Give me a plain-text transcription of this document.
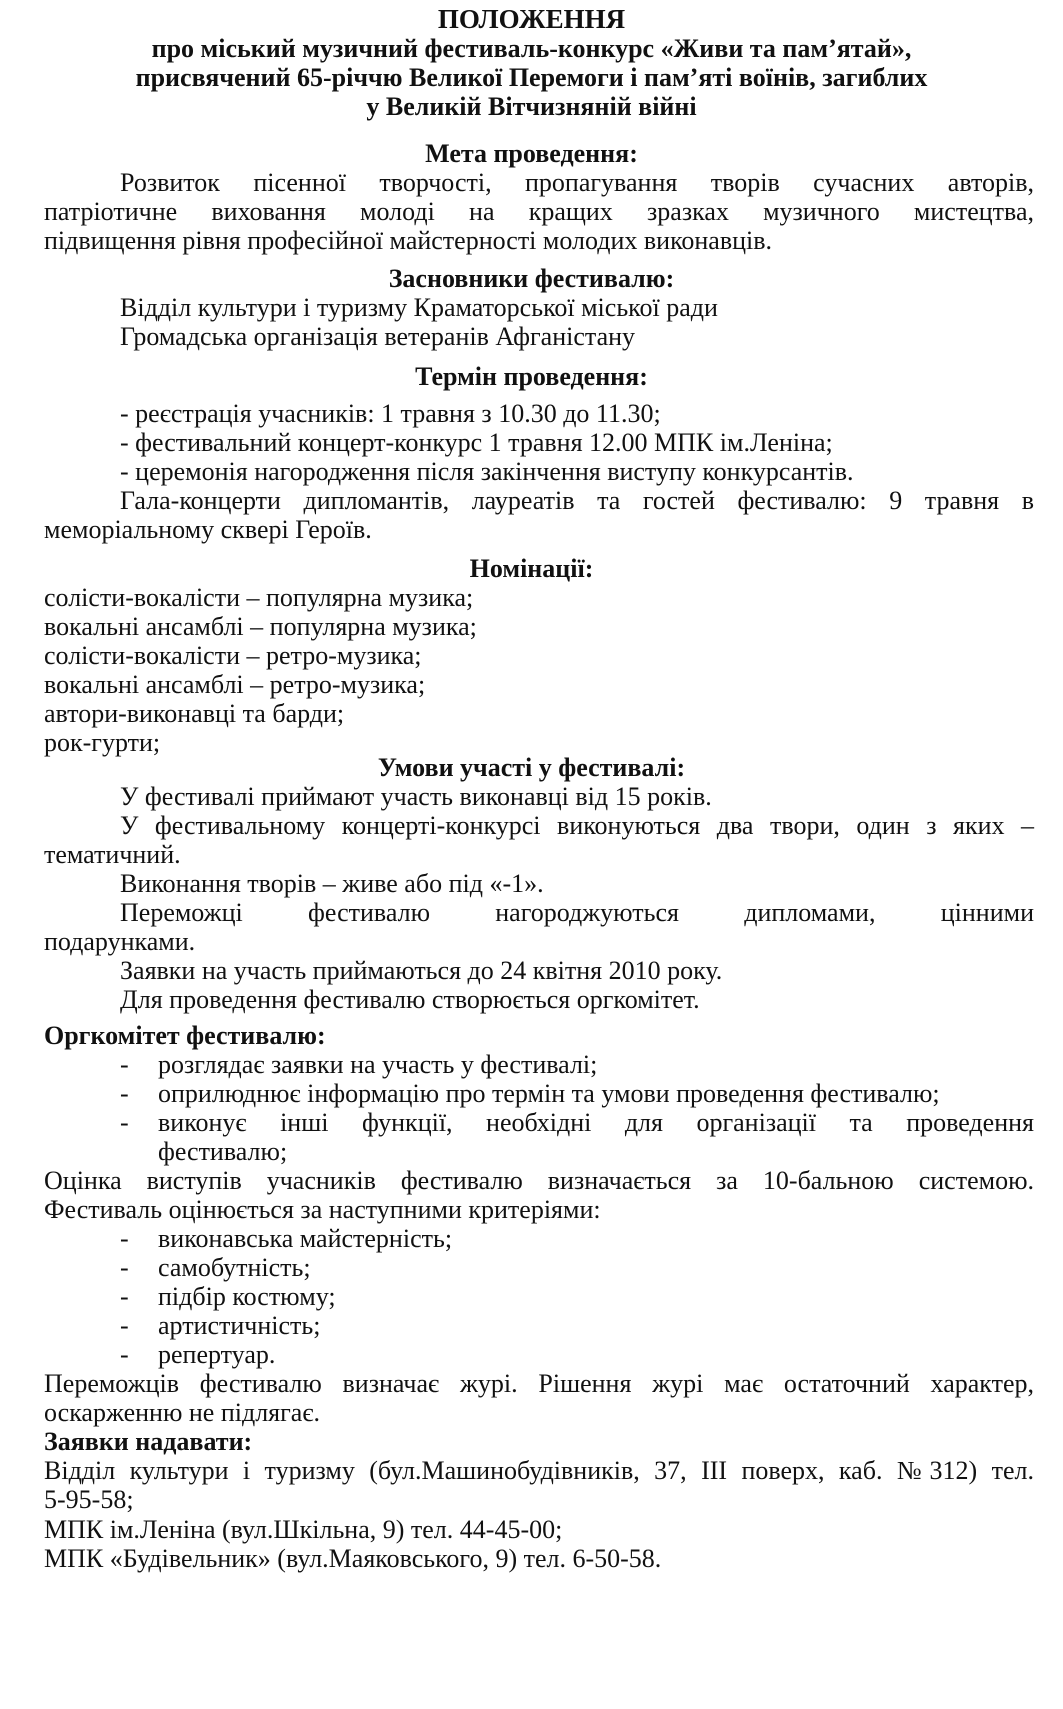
ПОЛОЖЕННЯ
про міський музичний фестиваль-конкурс «Живи та пам’ятай»,
присвячений 65-річчю Великої Перемоги і пам’яті воїнів, загиблих
у Великій Вітчизняній війні
Мета проведення:
Розвиток пісенної творчості, пропагування творів сучасних авторів,
патріотичне виховання молоді на кращих зразках музичного мистецтва,
підвищення рівня професійної майстерності молодих виконавців.
Засновники фестивалю:
Відділ культури і туризму Краматорської міської ради
Громадська організація ветеранів Афганістану
Термін проведення:
- реєстрація учасників: 1 травня з 10.30 до 11.30;
- фестивальний концерт-конкурс 1 травня 12.00 МПК ім.Леніна;
- церемонія нагородження після закінчення виступу конкурсантів.
Гала-концерти дипломантів, лауреатів та гостей фестивалю: 9 травня в
меморіальному сквері Героїв.
Номінації:
солісти-вокалісти – популярна музика;
вокальні ансамблі – популярна музика;
солісти-вокалісти – ретро-музика;
вокальні ансамблі – ретро-музика;
автори-виконавці та барди;
рок-гурти;
Умови участі у фестивалі:
У фестивалі приймают участь виконавці від 15 років.
У фестивальному концерті-конкурсі виконуються два твори, один з яких –
тематичний.
Виконання творів – живе або під «-1».
Переможці фестивалю нагороджуються дипломами, цінними
подарунками.
Заявки на участь приймаються до 24 квітня 2010 року.
Для проведення фестивалю створюється оргкомітет.
Оргкомітет фестивалю:
-	розглядає заявки на участь у фестивалі;
-	оприлюднює інформацію про термін та умови проведення фестивалю;
-	виконує інші функції, необхідні для організації та проведення
фестивалю;
Оцінка виступів учасників фестивалю визначається за 10-бальною системою.
Фестиваль оцінюється за наступними критеріями:
-	виконавська майстерність;
-	самобутність;
-	підбір костюму;
-	артистичність;
-	репертуар.
Переможців фестивалю визначає журі. Рішення журі має остаточний характер,
оскарженню не підлягає.
Заявки надавати:
Відділ культури і туризму (бул.Машинобудівників, 37, ІІІ поверх, каб. №312) тел.
5-95-58;
МПК ім.Леніна (вул.Шкільна, 9) тел. 44-45-00;
МПК «Будівельник» (вул.Маяковського, 9) тел. 6-50-58.
